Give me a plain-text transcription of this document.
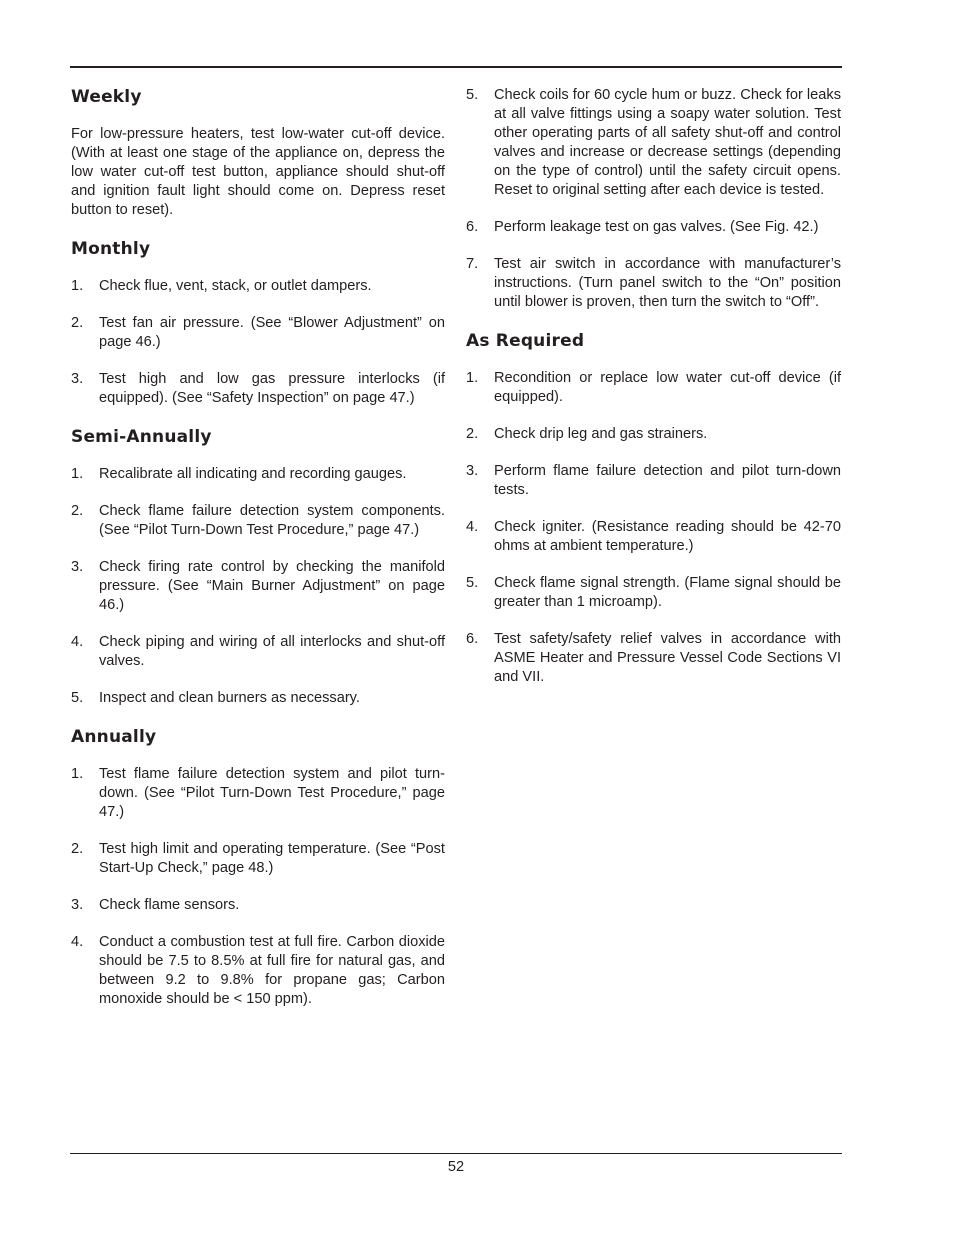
Weekly

For low-pressure heaters, test low-water cut-off device. (With at least one stage of the appliance on, depress the low water cut-off test button, appliance should shut-off and ignition fault light should come on. Depress reset button to reset).

Monthly
1. Check flue, vent, stack, or outlet dampers.
2. Test fan air pressure. (See “Blower Adjustment” on page 46.)
3. Test high and low gas pressure interlocks (if equipped). (See “Safety Inspection” on page 47.)
Semi-Annually
1. Recalibrate all indicating and recording gauges.
2. Check flame failure detection system components. (See “Pilot Turn-Down Test Procedure,” page 47.)
3. Check firing rate control by checking the manifold pressure. (See “Main Burner Adjustment” on page 46.)
4. Check piping and wiring of all interlocks and shut-off valves.
5. Inspect and clean burners as necessary.
Annually
1. Test flame failure detection system and pilot turn-down. (See “Pilot Turn-Down Test Procedure,” page 47.)
2. Test high limit and operating temperature. (See “Post Start-Up Check,” page 48.)
3. Check flame sensors.
4. Conduct a combustion test at full fire. Carbon dioxide should be 7.5 to 8.5% at full fire for natural gas, and between 9.2 to 9.8% for propane gas; Carbon monoxide should be < 150 ppm).
5. Check coils for 60 cycle hum or buzz. Check for leaks at all valve fittings using a soapy water solution. Test other operating parts of all safety shut-off and control valves and increase or decrease settings (depending on the type of control) until the safety circuit opens. Reset to original setting after each device is tested.
6. Perform leakage test on gas valves. (See Fig. 42.)
7. Test air switch in accordance with manufacturer’s instructions. (Turn panel switch to the “On” position until blower is proven, then turn the switch to “Off”.
As Required
1. Recondition or replace low water cut-off device (if equipped).
2. Check drip leg and gas strainers.
3. Perform flame failure detection and pilot turn-down tests.
4. Check igniter. (Resistance reading should be 42-70 ohms at ambient temperature.)
5. Check flame signal strength. (Flame signal should be greater than 1 microamp).
6. Test safety/safety relief valves in accordance with ASME Heater and Pressure Vessel Code Sections VI and VII.
52
